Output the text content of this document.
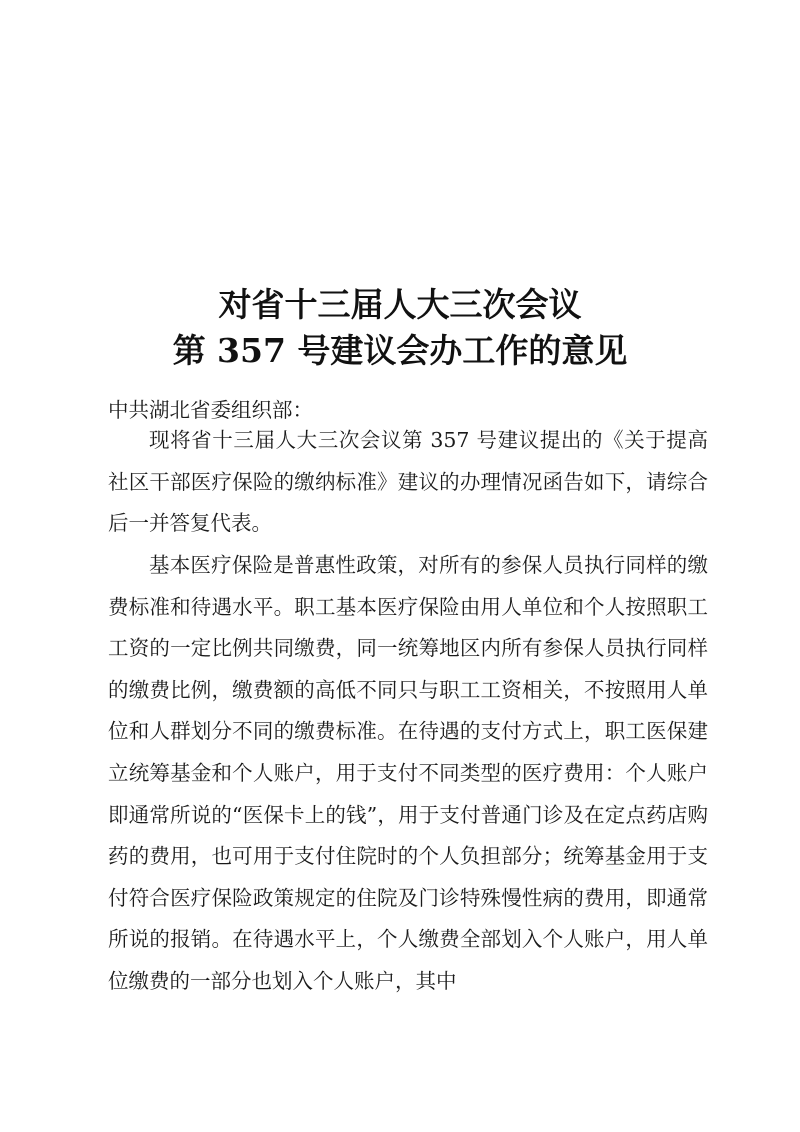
对省十三届人大三次会议
第 357 号建议会办工作的意见
中共湖北省委组织部：

现将省十三届人大三次会议第 357 号建议提出的《关于提高社区干部医疗保险的缴纳标准》建议的办理情况函告如下，请综合后一并答复代表。

基本医疗保险是普惠性政策，对所有的参保人员执行同样的缴费标准和待遇水平。职工基本医疗保险由用人单位和个人按照职工工资的一定比例共同缴费，同一统筹地区内所有参保人员执行同样的缴费比例，缴费额的高低不同只与职工工资相关，不按照用人单位和人群划分不同的缴费标准。在待遇的支付方式上，职工医保建立统筹基金和个人账户，用于支付不同类型的医疗费用：个人账户即通常所说的“医保卡上的钱”，用于支付普通门诊及在定点药店购药的费用，也可用于支付住院时的个人负担部分；统筹基金用于支付符合医疗保险政策规定的住院及门诊特殊慢性病的费用，即通常所说的报销。在待遇水平上，个人缴费全部划入个人账户，用人单位缴费的一部分也划入个人账户，其中
